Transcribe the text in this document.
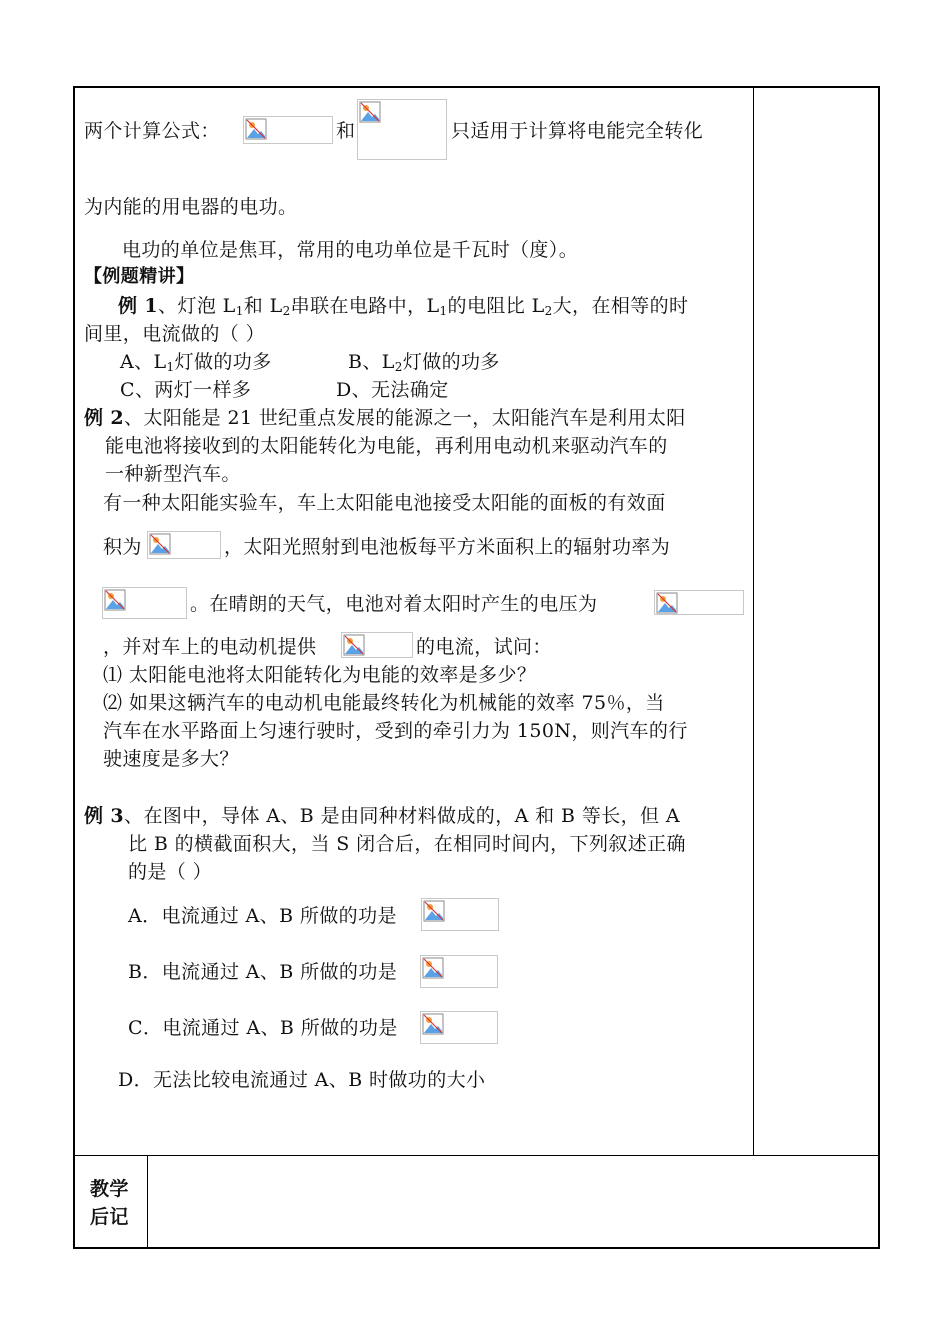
两个计算公式：	和	只适用于计算将电能完全转化
为内能的用电器的电功。
电功的单位是焦耳，常用的电功单位是千瓦时（度）。
【例题精讲】
例 1、灯泡 $L_1$和 $L_2$串联在电路中，$L_1$的电阻比 $L_2$大，在相等的时
间里，电流做的（ ）
A、$L_1$灯做的功多	B、$L_2$灯做的功多
C、两灯一样多	D、无法确定
例 2、太阳能是 21 世纪重点发展的能源之一，太阳能汽车是利用太阳
能电池将接收到的太阳能转化为电能，再利用电动机来驱动汽车的
一种新型汽车。
有一种太阳能实验车，车上太阳能电池接受太阳能的面板的有效面
积为	，太阳光照射到电池板每平方米面积上的辐射功率为
。在晴朗的天气，电池对着太阳时产生的电压为
，并对车上的电动机提供	的电流，试问：
⑴ 太阳能电池将太阳能转化为电能的效率是多少？
⑵ 如果这辆汽车的电动机电能最终转化为机械能的效率 75％，当
汽车在水平路面上匀速行驶时，受到的牵引力为 150N，则汽车的行
驶速度是多大？
例 3、在图中，导体 A、B 是由同种材料做成的，A 和 B 等长，但 A
比 B 的横截面积大，当 S 闭合后，在相同时间内，下列叙述正确
的是（ ）
A．电流通过 A、B 所做的功是
B．电流通过 A、B 所做的功是
C．电流通过 A、B 所做的功是
D．无法比较电流通过 A、B 时做功的大小
教学
后记
